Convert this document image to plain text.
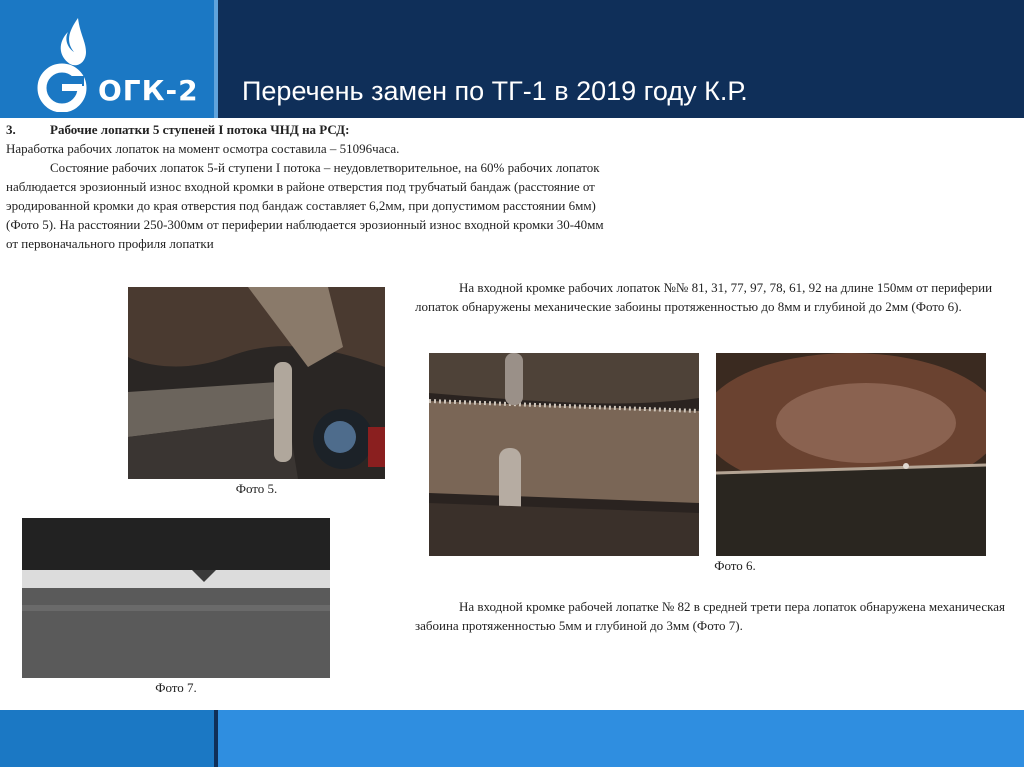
ОГК-2 Перечень замен по ТГ-1 в 2019 году К.Р.
3.	Рабочие лопатки 5 ступеней I потока ЧНД на РСД:

Наработка рабочих лопаток на момент осмотра составила – 51096часа.

Состояние рабочих лопаток 5-й ступени I потока – неудовлетворительное, на 60% рабочих лопаток наблюдается эрозионный износ входной кромки в районе отверстия под трубчатый бандаж (расстояние от эродированной кромки до края отверстия под бандаж составляет 6,2мм, при допустимом расстоянии 6мм) (Фото 5). На расстоянии 250-300мм от периферии наблюдается эрозионный износ входной кромки 30-40мм от первоначального профиля лопатки

На входной кромке рабочих лопаток №№ 81, 31, 77, 97, 78, 61, 92 на длине 150мм от периферии лопаток обнаружены механические забоины протяженностью до 8мм и глубиной до 2мм (Фото 6).

На входной кромке рабочей лопатке № 82 в средней трети пера лопаток обнаружена механическая забоина протяженностью 5мм и глубиной до 3мм (Фото 7).

Фото 5.
Фото 6.
Фото 7.
